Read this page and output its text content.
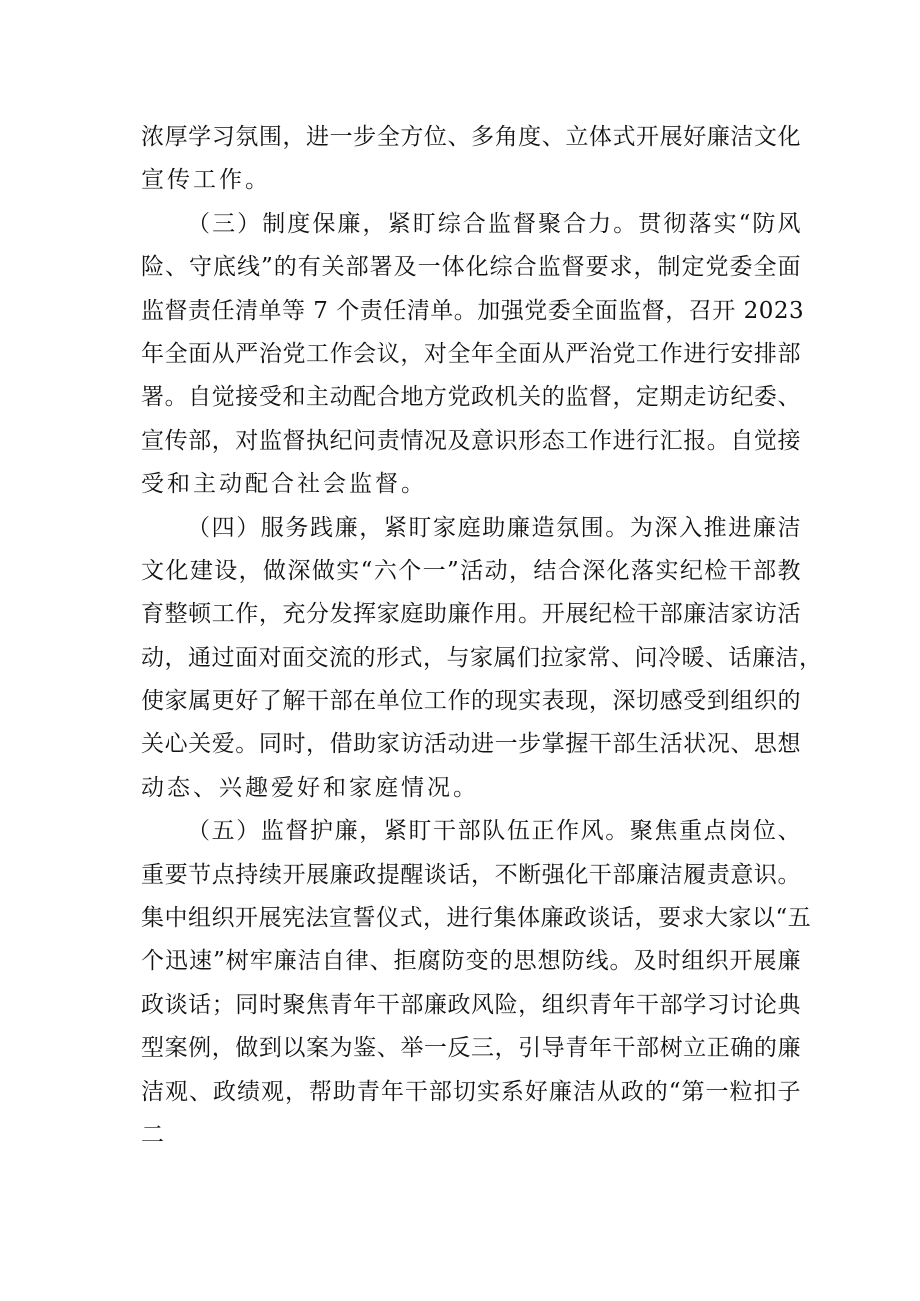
浓厚学习氛围，进一步全方位、多角度、立体式开展好廉洁文化
宣传工作。
（三）制度保廉，紧盯综合监督聚合力。贯彻落实“防风
险、守底线”的有关部署及一体化综合监督要求，制定党委全面
监督责任清单等 7 个责任清单。加强党委全面监督，召开 2023
年全面从严治党工作会议，对全年全面从严治党工作进行安排部
署。自觉接受和主动配合地方党政机关的监督，定期走访纪委、
宣传部，对监督执纪问责情况及意识形态工作进行汇报。自觉接
受和主动配合社会监督。
（四）服务践廉，紧盯家庭助廉造氛围。为深入推进廉洁
文化建设，做深做实“六个一”活动，结合深化落实纪检干部教
育整顿工作，充分发挥家庭助廉作用。开展纪检干部廉洁家访活
动，通过面对面交流的形式，与家属们拉家常、问冷暖、话廉洁，
使家属更好了解干部在单位工作的现实表现，深切感受到组织的
关心关爱。同时，借助家访活动进一步掌握干部生活状况、思想
动态、兴趣爱好和家庭情况。
（五）监督护廉，紧盯干部队伍正作风。聚焦重点岗位、
重要节点持续开展廉政提醒谈话，不断强化干部廉洁履责意识。
集中组织开展宪法宣誓仪式，进行集体廉政谈话，要求大家以“五
个迅速”树牢廉洁自律、拒腐防变的思想防线。及时组织开展廉
政谈话；同时聚焦青年干部廉政风险，组织青年干部学习讨论典
型案例，做到以案为鉴、举一反三，引导青年干部树立正确的廉
洁观、政绩观，帮助青年干部切实系好廉洁从政的“第一粒扣子
二
